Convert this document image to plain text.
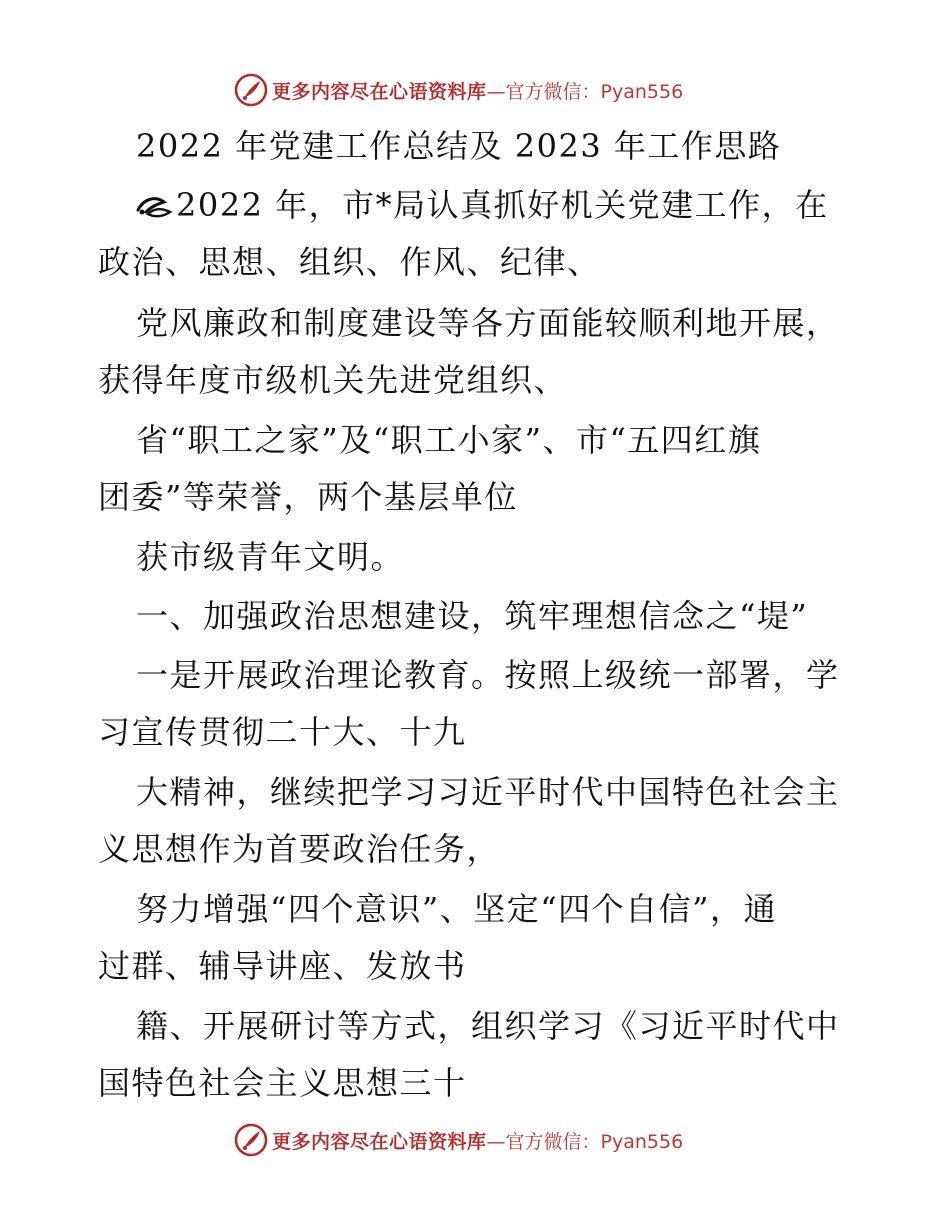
更多内容尽在心语资料库 —官方微信：Pyan556
2022 年党建工作总结及 2023 年工作思路
2022 年，市*局认真抓好机关党建工作，在
政治、思想、组织、作风、纪律、
党风廉政和制度建设等各方面能较顺利地开展，
获得年度市级机关先进党组织、
省“职工之家”及“职工小家”、市“五四红旗
团委”等荣誉，两个基层单位
获市级青年文明。
一、加强政治思想建设，筑牢理想信念之“堤”
一是开展政治理论教育。按照上级统一部署，学
习宣传贯彻二十大、十九
大精神，继续把学习习近平时代中国特色社会主
义思想作为首要政治任务，
努力增强“四个意识”、坚定“四个自信”，通
过群、辅导讲座、发放书
籍、开展研讨等方式，组织学习《习近平时代中
国特色社会主义思想三十
更多内容尽在心语资料库 —官方微信：Pyan556
